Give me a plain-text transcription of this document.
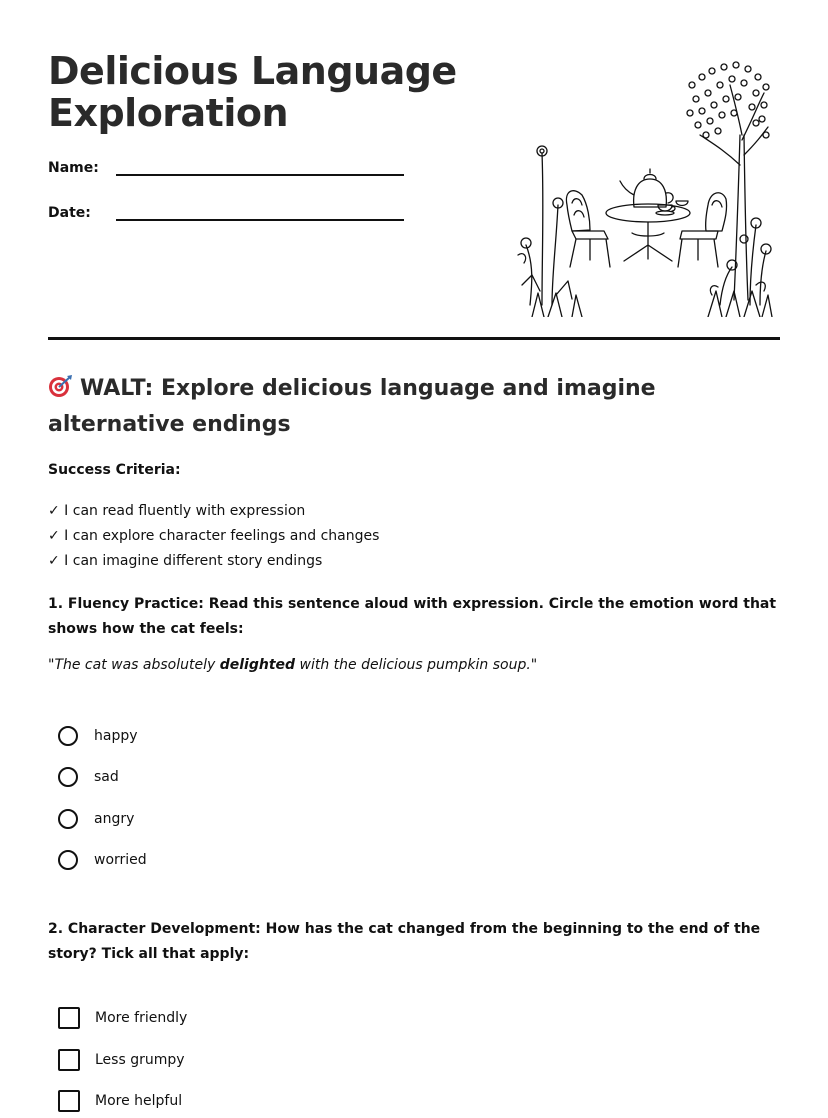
Delicious Language Exploration
Name:
Date:
WALT: Explore delicious language and imagine alternative endings
Success Criteria:
✓ I can read fluently with expression
✓ I can explore character feelings and changes
✓ I can imagine different story endings
1. Fluency Practice: Read this sentence aloud with expression. Circle the emotion word that shows how the cat feels:
"The cat was absolutely delighted with the delicious pumpkin soup."
happy
sad
angry
worried
2. Character Development: How has the cat changed from the beginning to the end of the story? Tick all that apply:
More friendly
Less grumpy
More helpful
